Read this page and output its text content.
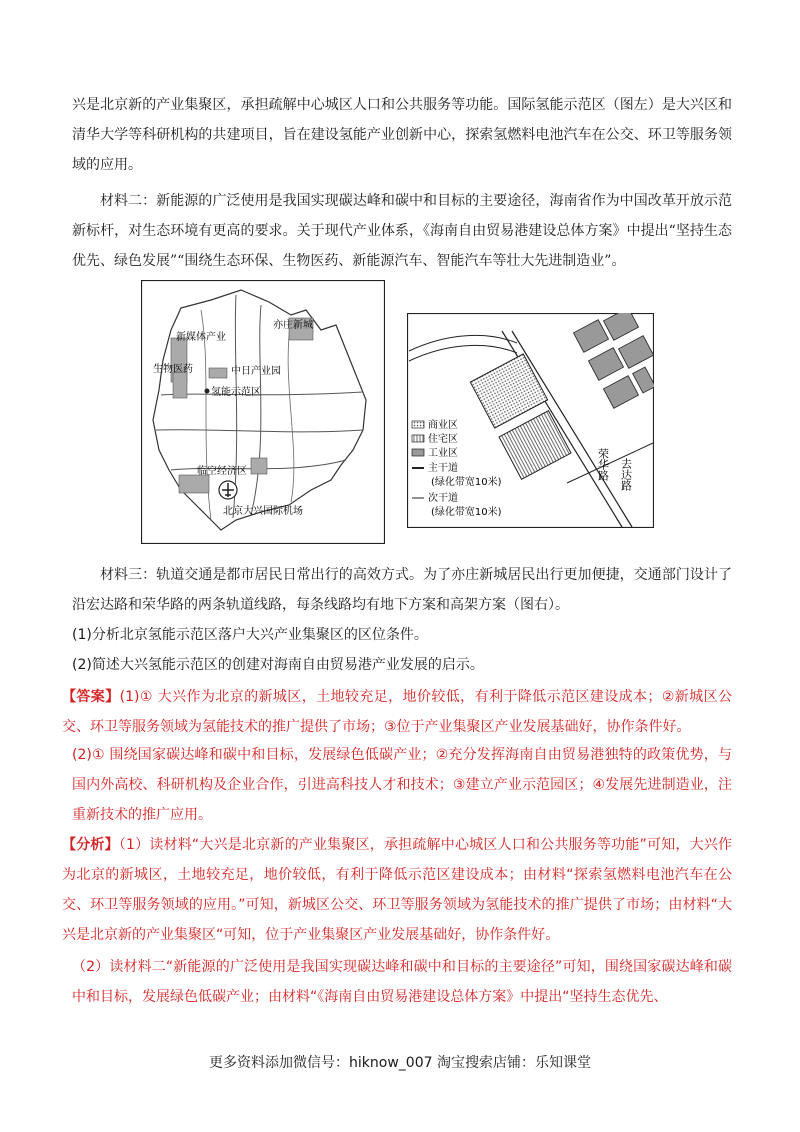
兴是北京新的产业集聚区，承担疏解中心城区人口和公共服务等功能。国际氢能示范区（图左）是大兴区和清华大学等科研机构的共建项目，旨在建设氢能产业创新中心，探索氢燃料电池汽车在公交、环卫等服务领域的应用。

材料二：新能源的广泛使用是我国实现碳达峰和碳中和目标的主要途径，海南省作为中国改革开放示范新标杆，对生态环境有更高的要求。关于现代产业体系，《海南自由贸易港建设总体方案》中提出“坚持生态优先、绿色发展”“围绕生态环保、生物医药、新能源汽车、智能汽车等壮大先进制造业”。

亦庄新城
新媒体产业
生物医药	中日产业园
氢能示范区
临空经济区
北京大兴国际机场
商业区
住宅区
工业区
主干道
(绿化带宽10米)
次干道
(绿化带宽10米)
荣华路 去达路

材料三：轨道交通是都市居民日常出行的高效方式。为了亦庄新城居民出行更加便捷，交通部门设计了沿宏达路和荣华路的两条轨道线路，每条线路均有地下方案和高架方案（图右）。

(1)分析北京氢能示范区落户大兴产业集聚区的区位条件。

(2)简述大兴氢能示范区的创建对海南自由贸易港产业发展的启示。

【答案】(1)① 大兴作为北京的新城区，土地较充足，地价较低，有利于降低示范区建设成本；②新城区公交、环卫等服务领域为氢能技术的推广提供了市场；③位于产业集聚区产业发展基础好，协作条件好。

(2)① 围绕国家碳达峰和碳中和目标，发展绿色低碳产业；②充分发挥海南自由贸易港独特的政策优势，与国内外高校、科研机构及企业合作，引进高科技人才和技术；③建立产业示范园区；④发展先进制造业，注重新技术的推广应用。

【分析】（1）读材料“大兴是北京新的产业集聚区，承担疏解中心城区人口和公共服务等功能”可知，大兴作为北京的新城区，土地较充足，地价较低，有利于降低示范区建设成本；由材料“探索氢燃料电池汽车在公交、环卫等服务领域的应用。”可知，新城区公交、环卫等服务领域为氢能技术的推广提供了市场；由材料“大兴是北京新的产业集聚区“可知，位于产业集聚区产业发展基础好，协作条件好。

（2）读材料二“新能源的广泛使用是我国实现碳达峰和碳中和目标的主要途径”可知，围绕国家碳达峰和碳中和目标，发展绿色低碳产业；由材料“《海南自由贸易港建设总体方案》中提出“坚持生态优先、

更多资料添加微信号：hiknow_007 淘宝搜索店铺：乐知课堂
